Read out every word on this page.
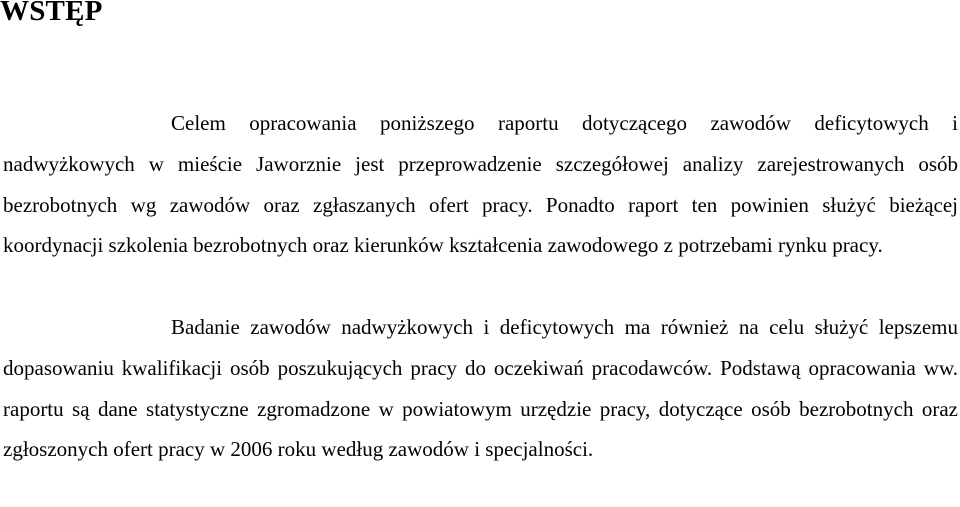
WSTĘP

Celem opracowania poniższego raportu dotyczącego zawodów deficytowych i nadwyżkowych w mieście Jaworznie jest przeprowadzenie szczegółowej analizy zarejestrowanych osób bezrobotnych wg zawodów oraz zgłaszanych ofert pracy. Ponadto raport ten powinien służyć bieżącej koordynacji szkolenia bezrobotnych oraz kierunków kształcenia zawodowego z potrzebami rynku pracy.

Badanie zawodów nadwyżkowych i deficytowych ma również na celu służyć lepszemu dopasowaniu kwalifikacji osób poszukujących pracy do oczekiwań pracodawców. Podstawą opracowania ww. raportu są dane statystyczne zgromadzone w powiatowym urzędzie pracy, dotyczące osób bezrobotnych oraz zgłoszonych ofert pracy w 2006 roku według zawodów i specjalności.
